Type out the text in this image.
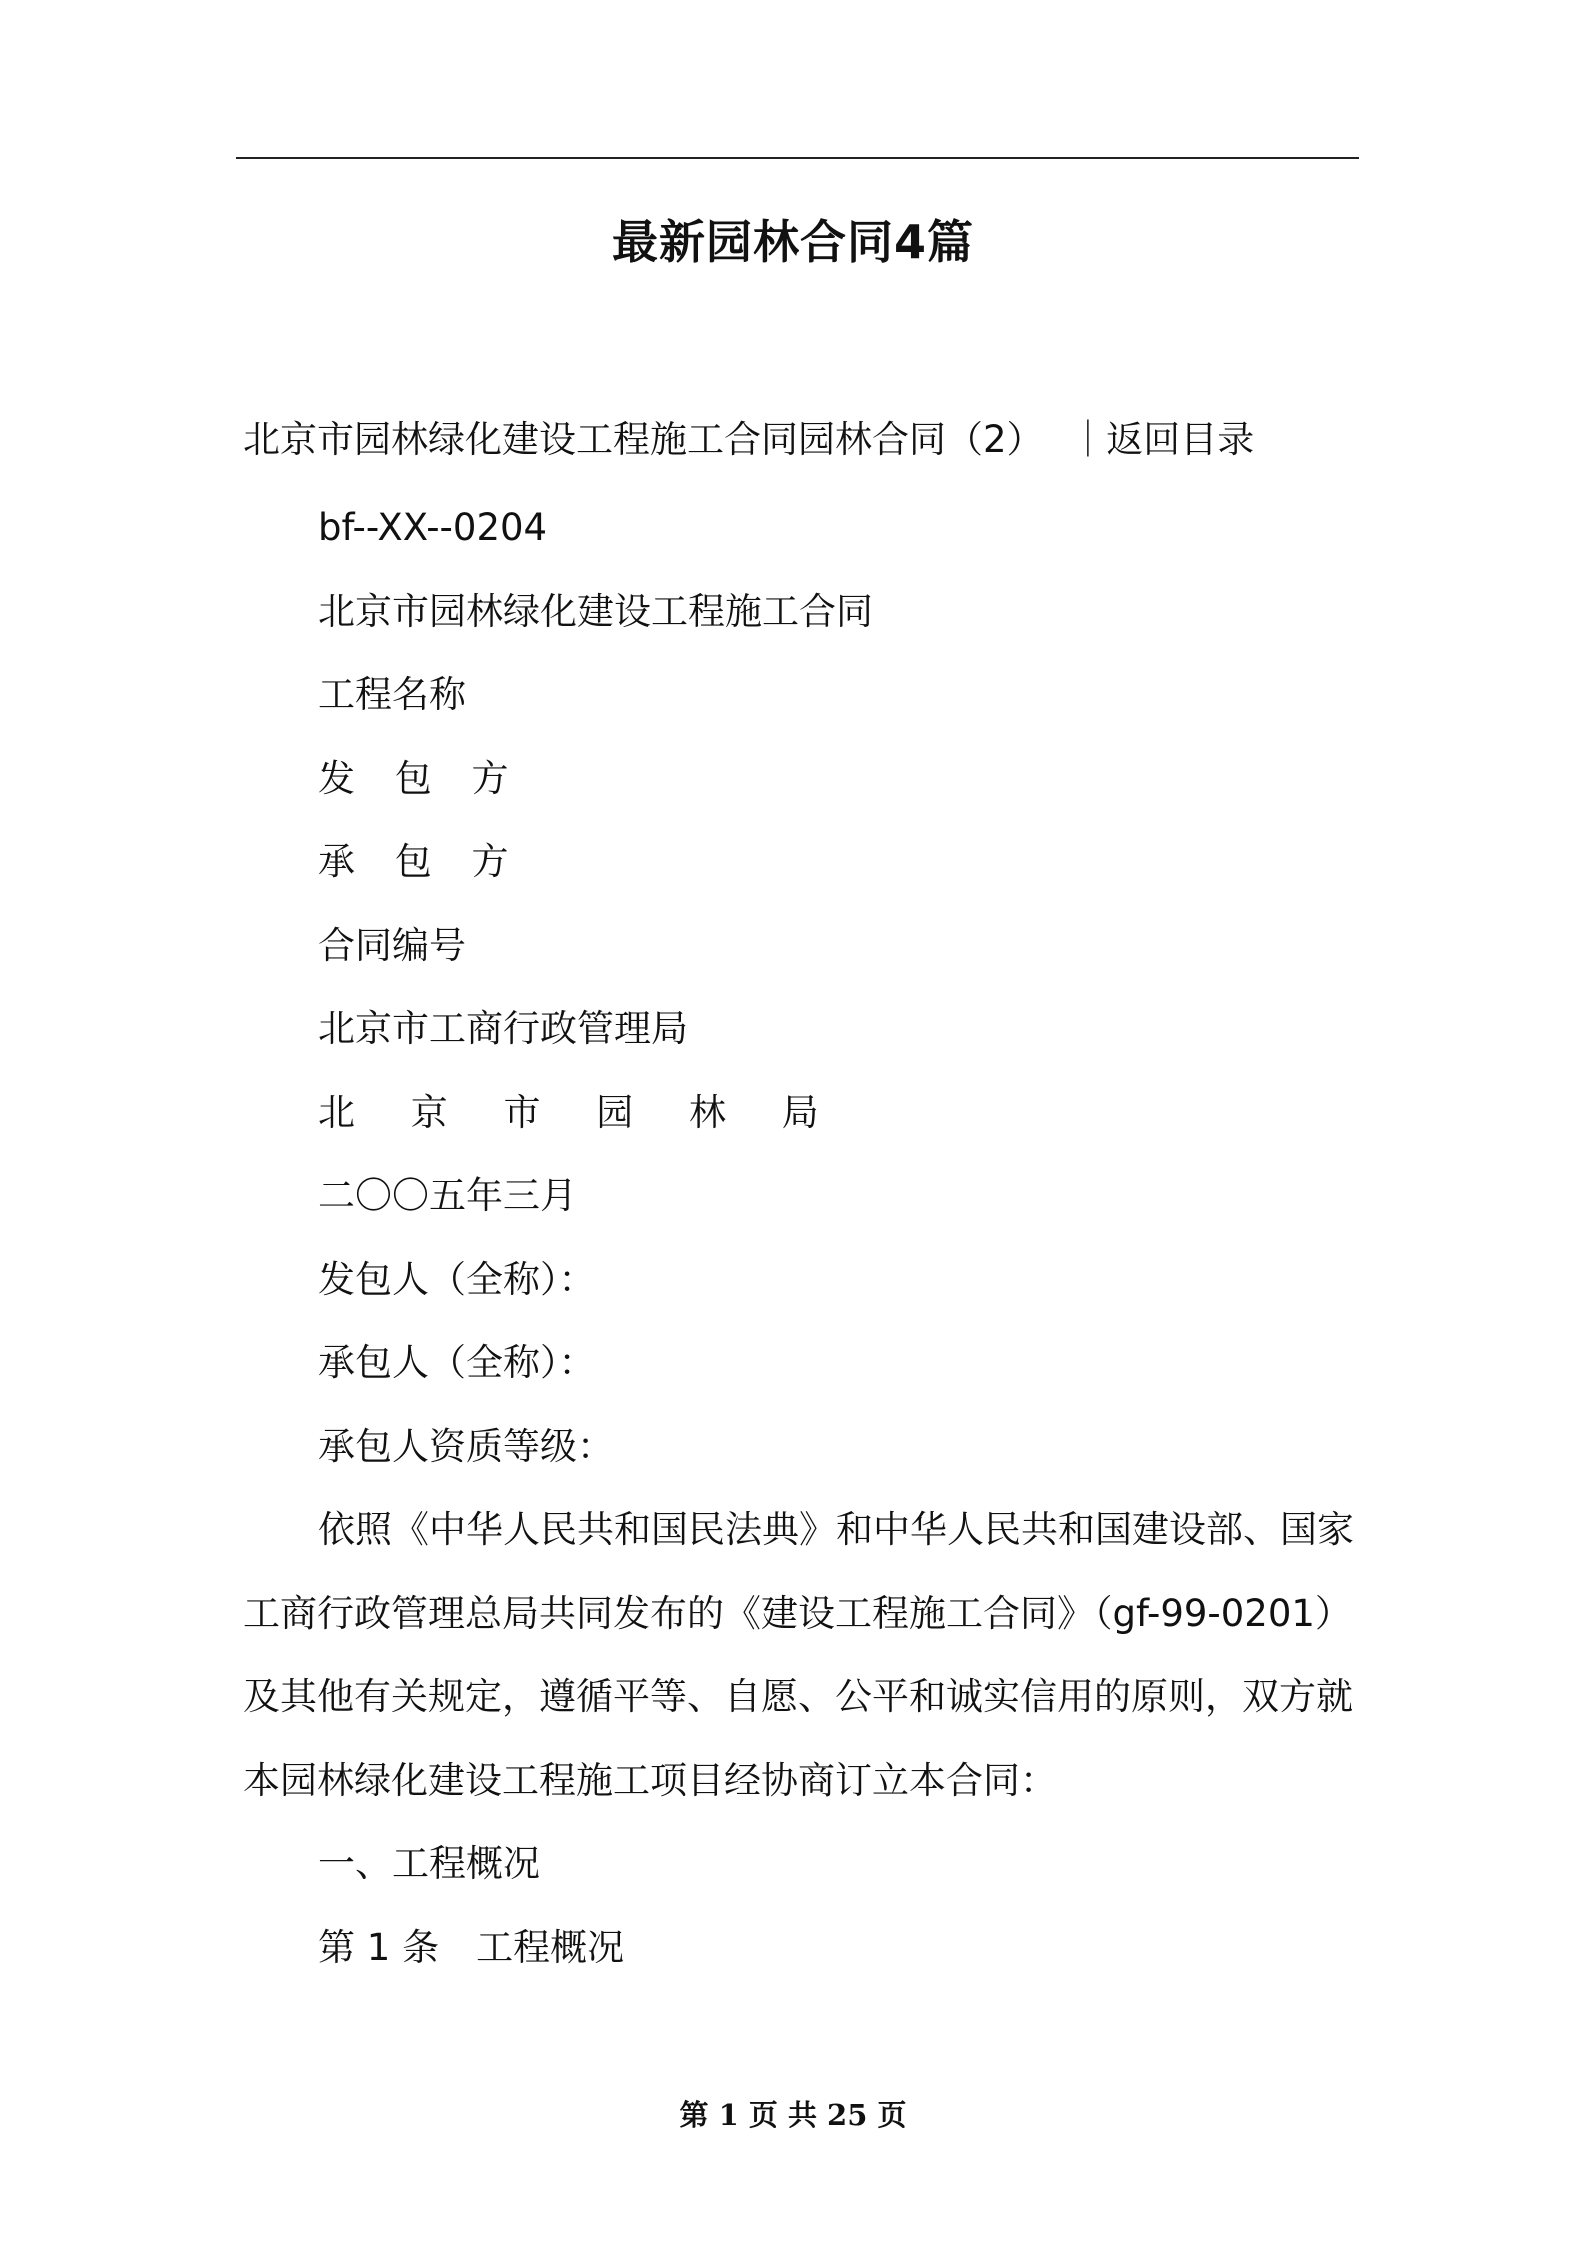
最新园林合同4篇
北京市园林绿化建设工程施工合同园林合同（2） ｜返回目录
bf--XX--0204
北京市园林绿化建设工程施工合同
工程名称
发 包 方
承 包 方
合同编号
北京市工商行政管理局
北 京 市 园 林 局
二〇〇五年三月
发包人（全称）：
承包人（全称）：
承包人资质等级：
依照《中华人民共和国民法典》和中华人民共和国建设部、国家
工商行政管理总局共同发布的《建设工程施工合同》（gf-99-0201）
及其他有关规定，遵循平等、自愿、公平和诚实信用的原则，双方就
本园林绿化建设工程施工项目经协商订立本合同：
一、工程概况
第 1 条　工程概况
第 1 页 共 25 页
